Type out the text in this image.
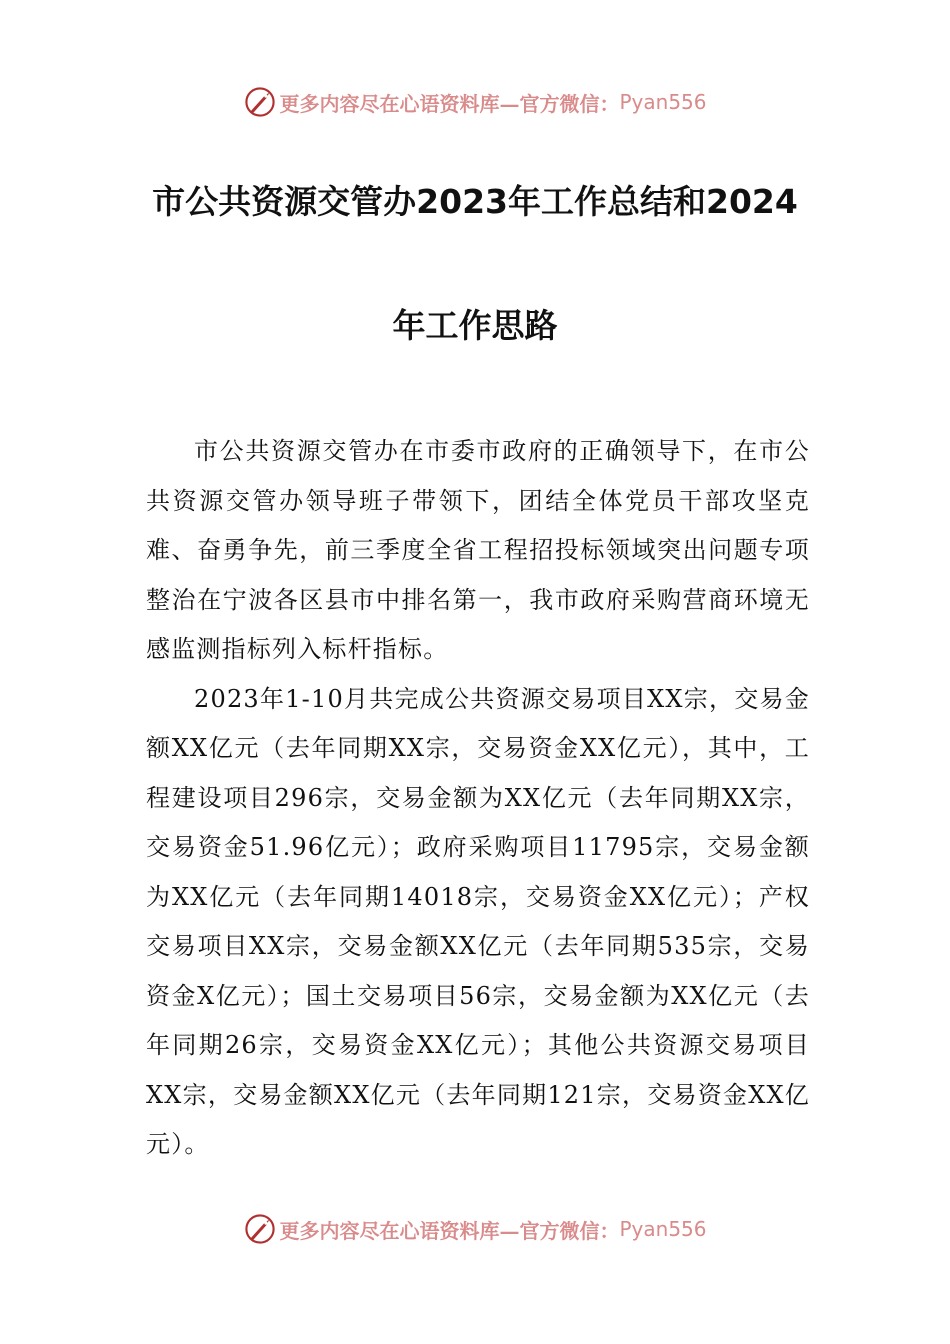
更多内容尽在心语资料库—官方微信： Pyan556
市公共资源交管办2023年工作总结和2024
年工作思路

市公共资源交管办在市委市政府的正确领导下，在市公共资源交管办领导班子带领下，团结全体党员干部攻坚克难、奋勇争先，前三季度全省工程招投标领域突出问题专项整治在宁波各区县市中排名第一，我市政府采购营商环境无感监测指标列入标杆指标。

2023年1-10月共完成公共资源交易项目XX宗，交易金额XX亿元（去年同期XX宗，交易资金XX亿元），其中，工程建设项目296宗，交易金额为XX亿元（去年同期XX宗，交易资金51.96亿元）；政府采购项目11795宗，交易金额为XX亿元（去年同期14018宗，交易资金XX亿元）；产权交易项目XX宗，交易金额XX亿元（去年同期535宗，交易资金X亿元）；国土交易项目56宗，交易金额为XX亿元（去年同期26宗，交易资金XX亿元）；其他公共资源交易项目XX宗，交易金额XX亿元（去年同期121宗，交易资金XX亿元）。

更多内容尽在心语资料库—官方微信： Pyan556
